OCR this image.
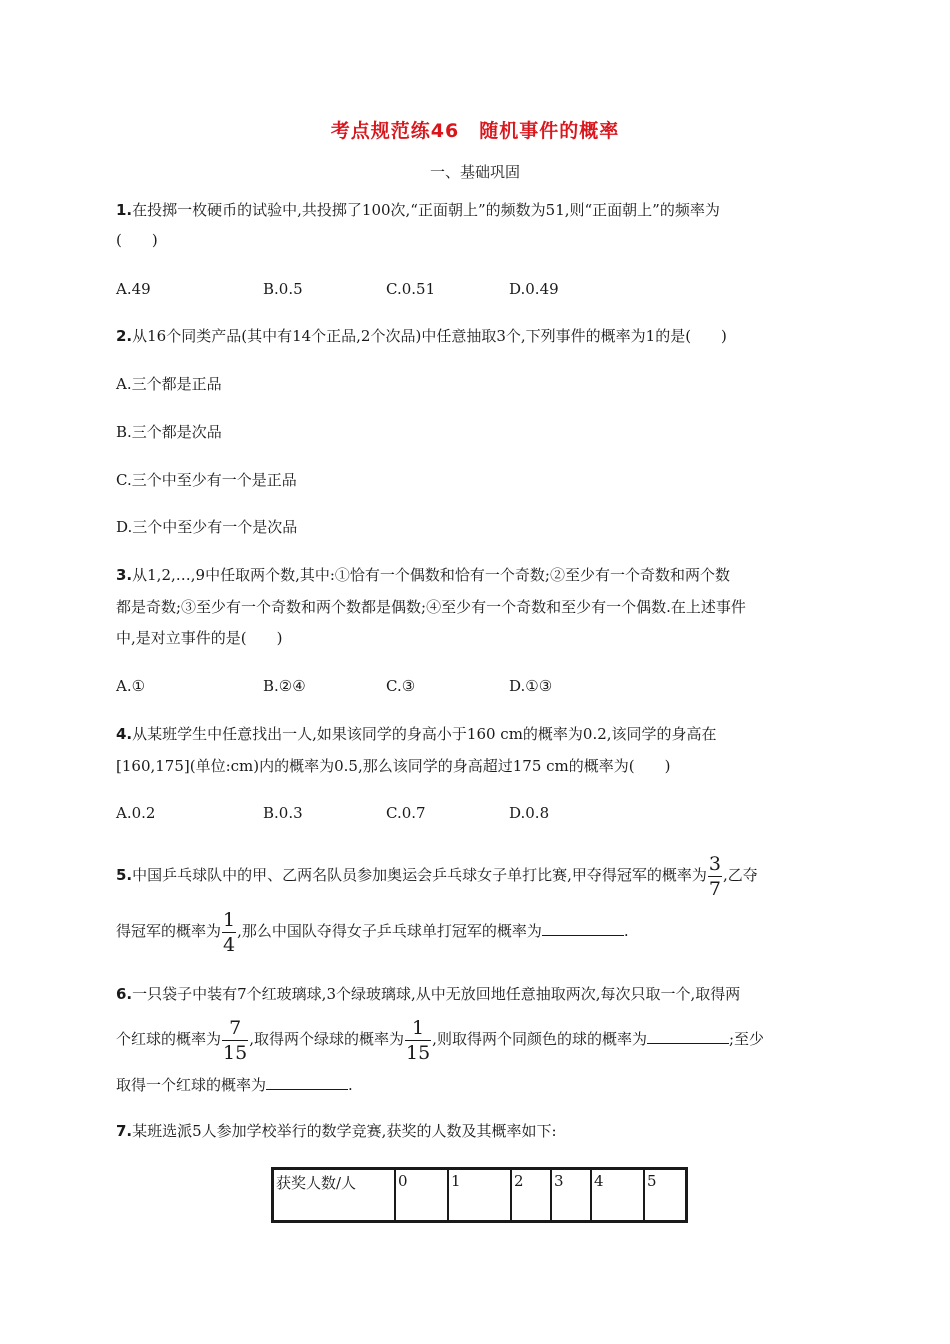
考点规范练46　随机事件的概率
一、基础巩固
1.在投掷一枚硬币的试验中,共投掷了100次,“正面朝上”的频数为51,则“正面朝上”的频率为
(　　)
A.49	B.0.5	C.0.51	D.0.49
2.从16个同类产品(其中有14个正品,2个次品)中任意抽取3个,下列事件的概率为1的是(　　)
A.三个都是正品
B.三个都是次品
C.三个中至少有一个是正品
D.三个中至少有一个是次品
3.从1,2,…,9中任取两个数,其中:①恰有一个偶数和恰有一个奇数;②至少有一个奇数和两个数
都是奇数;③至少有一个奇数和两个数都是偶数;④至少有一个奇数和至少有一个偶数.在上述事件
中,是对立事件的是(　　)
A.①	B.②④	C.③	D.①③
4.从某班学生中任意找出一人,如果该同学的身高小于160 cm的概率为0.2,该同学的身高在
[160,175](单位:cm)内的概率为0.5,那么该同学的身高超过175 cm的概率为(　　)
A.0.2	B.0.3	C.0.7	D.0.8
5.中国乒乓球队中的甲、乙两名队员参加奥运会乒乓球女子单打比赛,甲夺得冠军的概率为 $\frac{3}{7}$ ,乙夺
得冠军的概率为 $\frac{1}{4}$ ,那么中国队夺得女子乒乓球单打冠军的概率为	.
6.一只袋子中装有7个红玻璃球,3个绿玻璃球,从中无放回地任意抽取两次,每次只取一个,取得两
个红球的概率为 $\frac{7}{15}$ ,取得两个绿球的概率为 $\frac{1}{15}$ ,则取得两个同颜色的球的概率为	;至少
取得一个红球的概率为	.
7.某班选派5人参加学校举行的数学竞赛,获奖的人数及其概率如下:
获奖人数/人	0	1	2	3	4	5
